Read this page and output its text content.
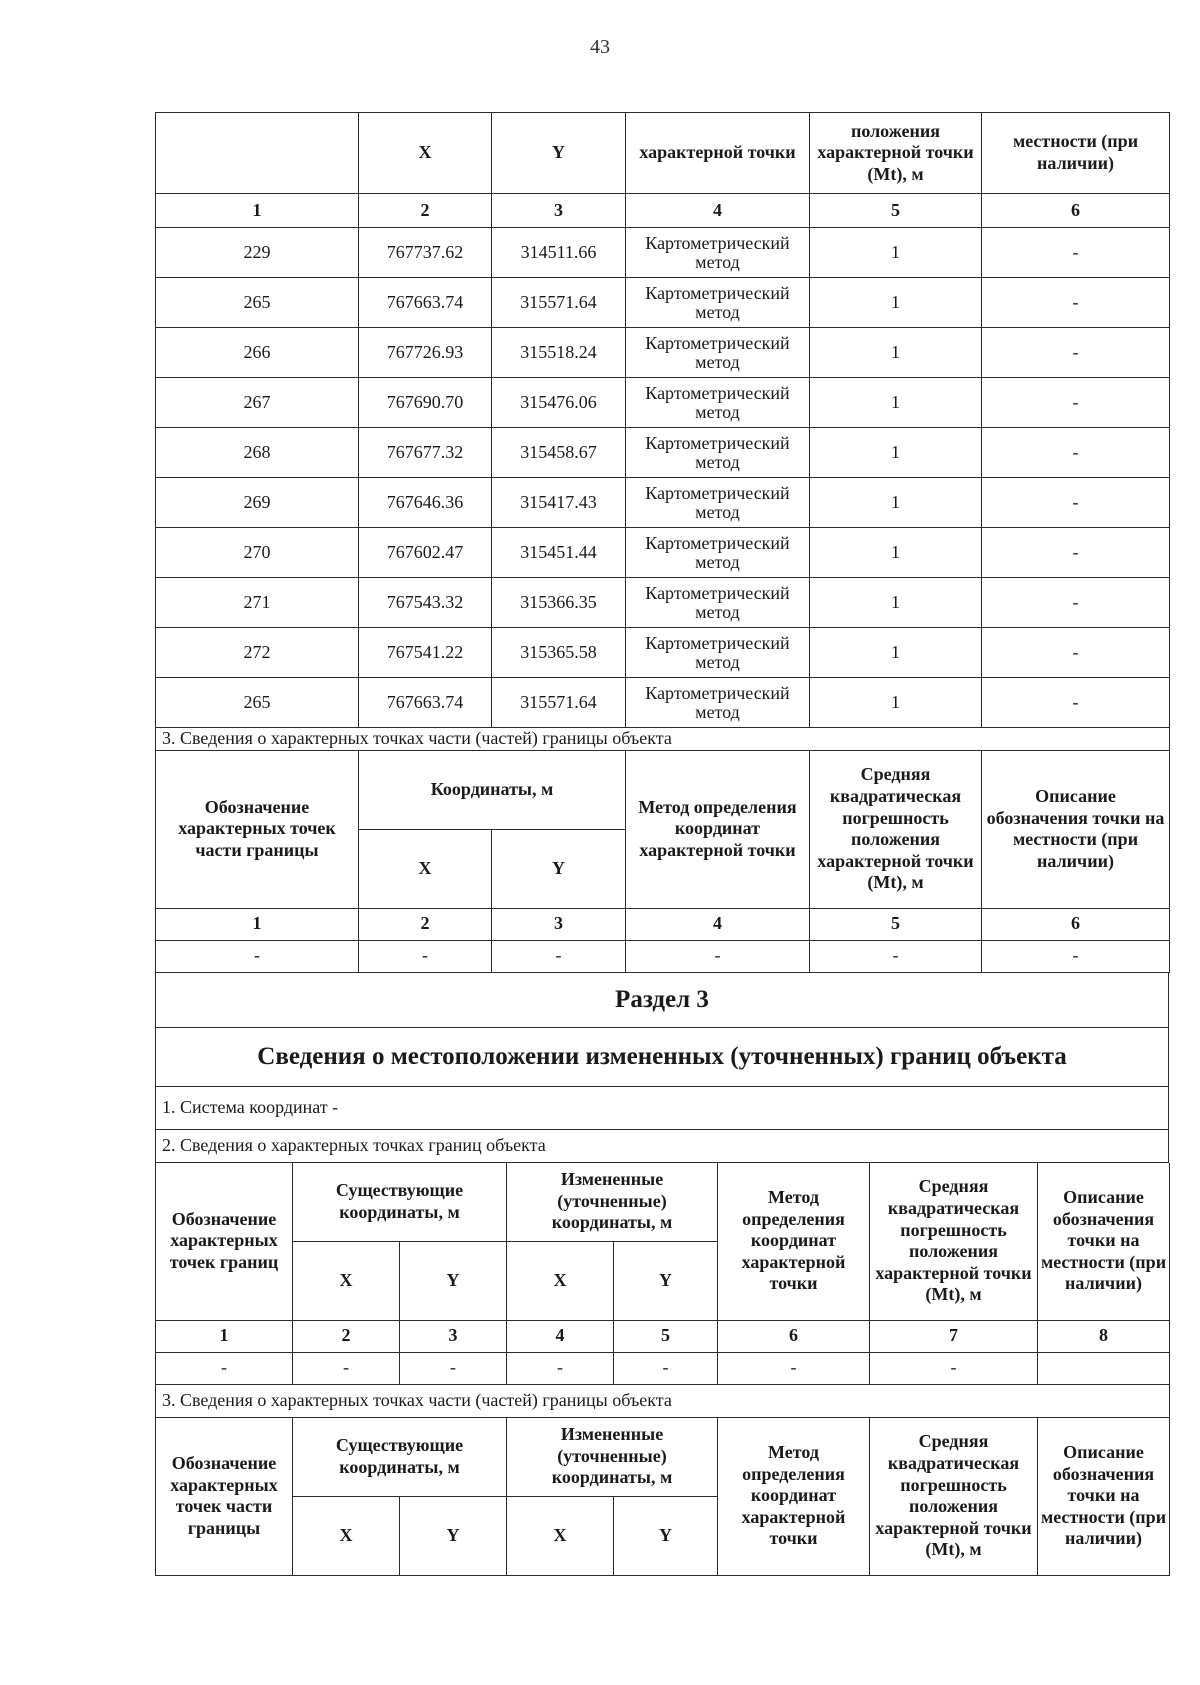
43
	X	Y	характерной точки	положения характерной точки (Mt), м	местности (при наличии)
1	2	3	4	5	6
229	767737.62	314511.66	Картометрический метод	1	-
265	767663.74	315571.64	Картометрический метод	1	-
266	767726.93	315518.24	Картометрический метод	1	-
267	767690.70	315476.06	Картометрический метод	1	-
268	767677.32	315458.67	Картометрический метод	1	-
269	767646.36	315417.43	Картометрический метод	1	-
270	767602.47	315451.44	Картометрический метод	1	-
271	767543.32	315366.35	Картометрический метод	1	-
272	767541.22	315365.58	Картометрический метод	1	-
265	767663.74	315571.64	Картометрический метод	1	-
3. Сведения о характерных точках части (частей) границы объекта					
Обозначение характерных точек части границы	Координаты, м		Метод определения координат характерной точки	Средняя квадратическая погрешность положения характерной точки (Mt), м	Описание обозначения точки на местности (при наличии)
	X	Y			
1	2	3	4	5	6
-	-	-	-	-	-
Раздел 3
Сведения о местоположении измененных (уточненных) границ объекта
1. Система координат -
2. Сведения о характерных точках границ объекта
Обозначение характерных точек границ	Существующие координаты, м		Измененные (уточненные) координаты, м		Метод определения координат характерной точки	Средняя квадратическая погрешность положения характерной точки (Mt), м	Описание обозначения точки на местности (при наличии)
	X	Y	X	Y			
1	2	3	4	5	6	7	8
-	-	-	-	-	-	-	
3. Сведения о характерных точках части (частей) границы объекта							
Обозначение характерных точек части границы	Существующие координаты, м		Измененные (уточненные) координаты, м		Метод определения координат характерной точки	Средняя квадратическая погрешность положения характерной точки (Mt), м	Описание обозначения точки на местности (при наличии)
	X	Y	X	Y			
